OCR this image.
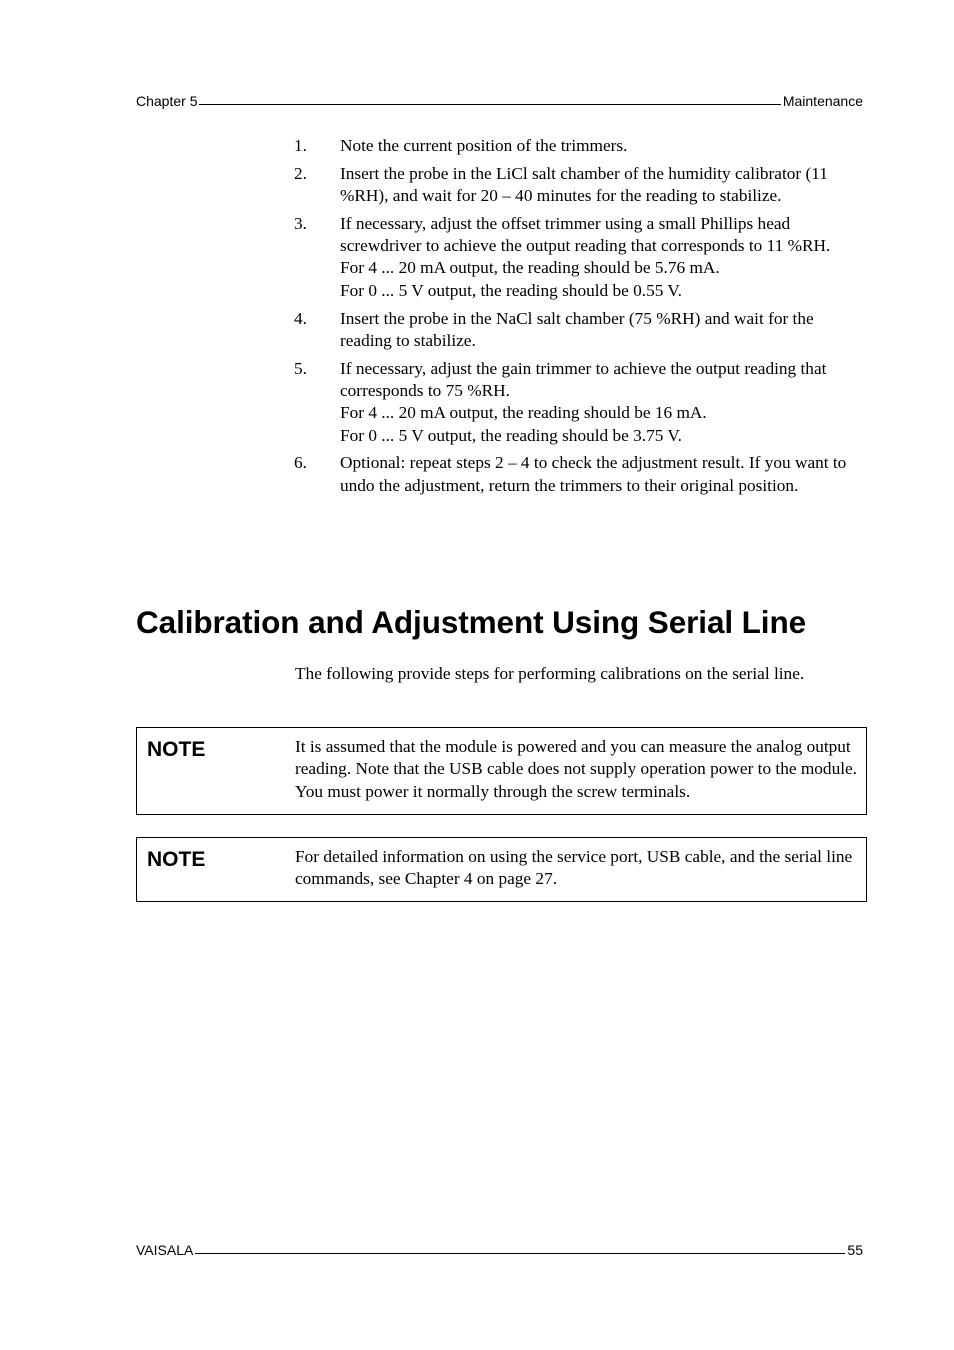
Chapter 5	Maintenance
1.	Note the current position of the trimmers.
2.	Insert the probe in the LiCl salt chamber of the humidity calibrator (11 %RH), and wait for 20 – 40 minutes for the reading to stabilize.
3.	If necessary, adjust the offset trimmer using a small Phillips head screwdriver to achieve the output reading that corresponds to 11 %RH.
For 4 ... 20 mA output, the reading should be 5.76 mA.
For 0 ... 5 V output, the reading should be 0.55 V.
4.	Insert the probe in the NaCl salt chamber (75 %RH) and wait for the reading to stabilize.
5.	If necessary, adjust the gain trimmer to achieve the output reading that corresponds to 75 %RH.
For 4 ... 20 mA output, the reading should be 16 mA.
For 0 ... 5 V output, the reading should be 3.75 V.
6.	Optional: repeat steps 2 – 4 to check the adjustment result. If you want to undo the adjustment, return the trimmers to their original position.
Calibration and Adjustment Using Serial Line

The following provide steps for performing calibrations on the serial line.

NOTE	It is assumed that the module is powered and you can measure the analog output reading. Note that the USB cable does not supply operation power to the module. You must power it normally through the screw terminals.
NOTE	For detailed information on using the service port, USB cable, and the serial line commands, see Chapter 4 on page 27.
VAISALA	55
